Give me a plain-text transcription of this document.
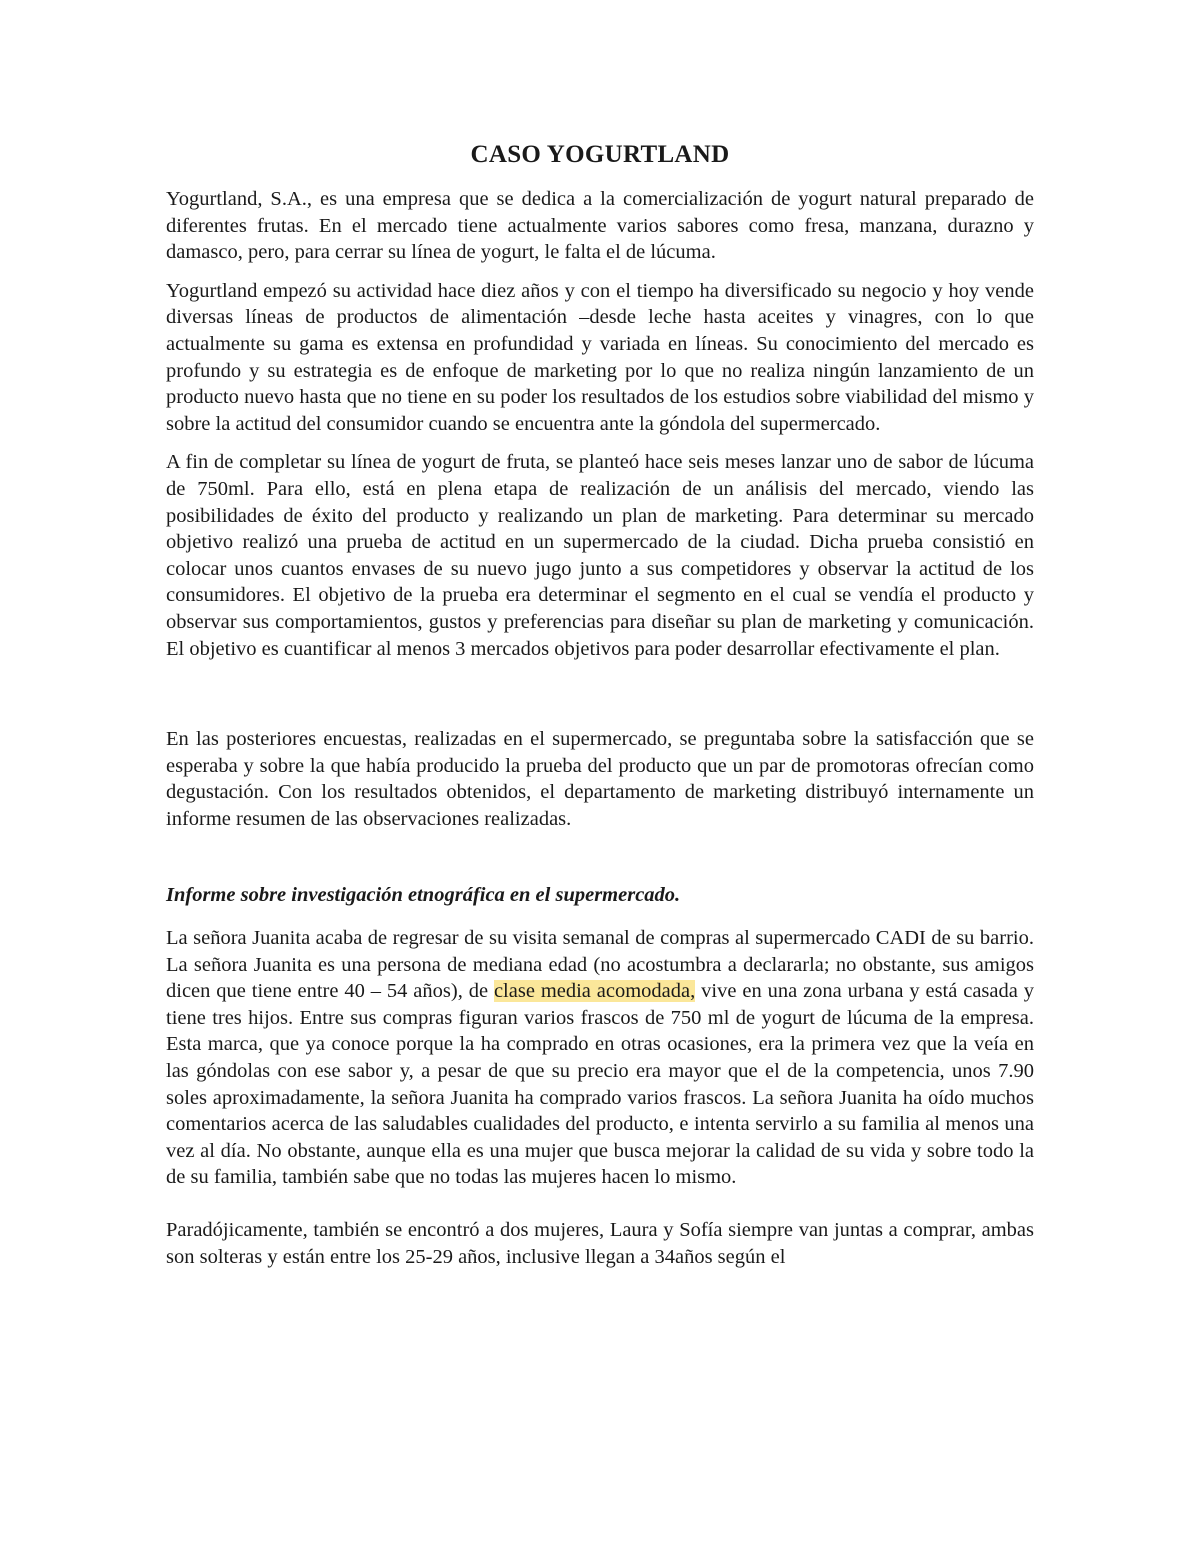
CASO YOGURTLAND

Yogurtland, S.A., es una empresa que se dedica a la comercialización de yogurt natural preparado de diferentes frutas. En el mercado tiene actualmente varios sabores como fresa, manzana, durazno y damasco, pero, para cerrar su línea de yogurt, le falta el de lúcuma.

Yogurtland empezó su actividad hace diez años y con el tiempo ha diversificado su negocio y hoy vende diversas líneas de productos de alimentación –desde leche hasta aceites y vinagres, con lo que actualmente su gama es extensa en profundidad y variada en líneas. Su conocimiento del mercado es profundo y su estrategia es de enfoque de marketing por lo que no realiza ningún lanzamiento de un producto nuevo hasta que no tiene en su poder los resultados de los estudios sobre viabilidad del mismo y sobre la actitud del consumidor cuando se encuentra ante la góndola del supermercado.

A fin de completar su línea de yogurt de fruta, se planteó hace seis meses lanzar uno de sabor de lúcuma de 750ml. Para ello, está en plena etapa de realización de un análisis del mercado, viendo las posibilidades de éxito del producto y realizando un plan de marketing. Para determinar su mercado objetivo realizó una prueba de actitud en un supermercado de la ciudad. Dicha prueba consistió en colocar unos cuantos envases de su nuevo jugo junto a sus competidores y observar la actitud de los consumidores. El objetivo de la prueba era determinar el segmento en el cual se vendía el producto y observar sus comportamientos, gustos y preferencias para diseñar su plan de marketing y comunicación. El objetivo es cuantificar al menos 3 mercados objetivos para poder desarrollar efectivamente el plan.

En las posteriores encuestas, realizadas en el supermercado, se preguntaba sobre la satisfacción que se esperaba y sobre la que había producido la prueba del producto que un par de promotoras ofrecían como degustación. Con los resultados obtenidos, el departamento de marketing distribuyó internamente un informe resumen de las observaciones realizadas.

Informe sobre investigación etnográfica en el supermercado.

La señora Juanita acaba de regresar de su visita semanal de compras al supermercado CADI de su barrio. La señora Juanita es una persona de mediana edad (no acostumbra a declararla; no obstante, sus amigos dicen que tiene entre 40 – 54 años), de clase media acomodada, vive en una zona urbana y está casada y tiene tres hijos. Entre sus compras figuran varios frascos de 750 ml de yogurt de lúcuma de la empresa. Esta marca, que ya conoce porque la ha comprado en otras ocasiones, era la primera vez que la veía en las góndolas con ese sabor y, a pesar de que su precio era mayor que el de la competencia, unos 7.90 soles aproximadamente, la señora Juanita ha comprado varios frascos. La señora Juanita ha oído muchos comentarios acerca de las saludables cualidades del producto, e intenta servirlo a su familia al menos una vez al día. No obstante, aunque ella es una mujer que busca mejorar la calidad de su vida y sobre todo la de su familia, también sabe que no todas las mujeres hacen lo mismo.

Paradójicamente, también se encontró a dos mujeres, Laura y Sofía siempre van juntas a comprar, ambas son solteras y están entre los 25-29 años, inclusive llegan a 34años según el
